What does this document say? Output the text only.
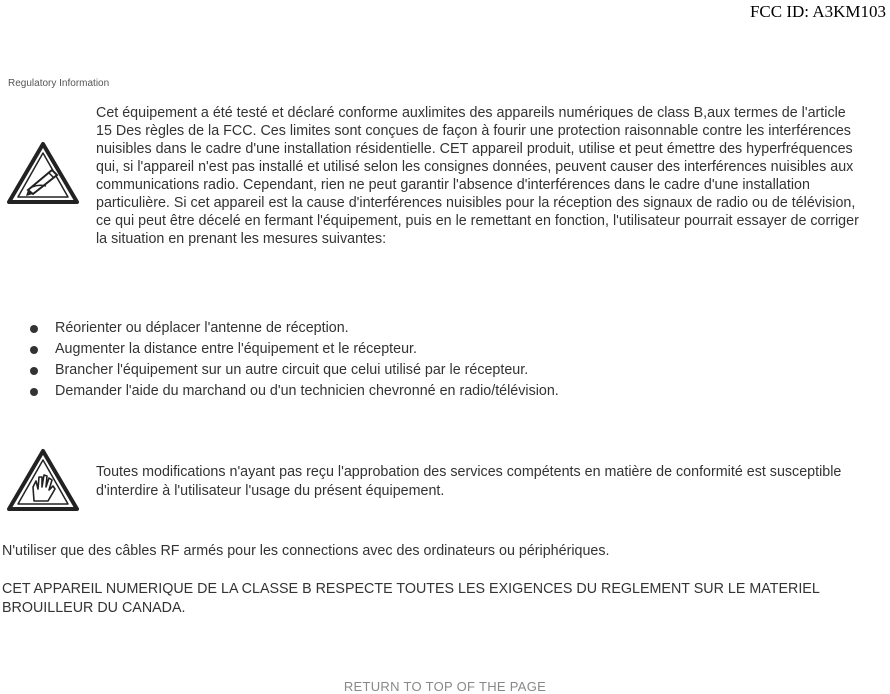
FCC ID: A3KM103
Regulatory Information
Cet équipement a été testé et déclaré conforme auxlimites des appareils numériques de class B,aux termes de l'article 15 Des règles de la FCC. Ces limites sont conçues de façon à fourir une protection raisonnable contre les interférences nuisibles dans le cadre d'une installation résidentielle. CET appareil produit, utilise et peut émettre des hyperfréquences qui, si l'appareil n'est pas installé et utilisé selon les consignes données, peuvent causer des interférences nuisibles aux communications radio. Cependant, rien ne peut garantir l'absence d'interférences dans le cadre d'une installation particulière. Si cet appareil est la cause d'interférences nuisibles pour la réception des signaux de radio ou de télévision, ce qui peut être décelé en fermant l'équipement, puis en le remettant en fonction, l'utilisateur pourrait essayer de corriger la situation en prenant les mesures suivantes:
Réorienter ou déplacer l'antenne de réception.
Augmenter la distance entre l'équipement et le récepteur.
Brancher l'équipement sur un autre circuit que celui utilisé par le récepteur.
Demander l'aide du marchand ou d'un technicien chevronné en radio/télévision.
Toutes modifications n'ayant pas reçu l'approbation des services compétents en matière de conformité est susceptible d'interdire à l'utilisateur l'usage du présent équipement.
N'utiliser que des câbles RF armés pour les connections avec des ordinateurs ou périphériques.
CET APPAREIL NUMERIQUE DE LA CLASSE B RESPECTE TOUTES LES EXIGENCES DU REGLEMENT SUR LE MATERIEL BROUILLEUR DU CANADA.
RETURN TO TOP OF THE PAGE
